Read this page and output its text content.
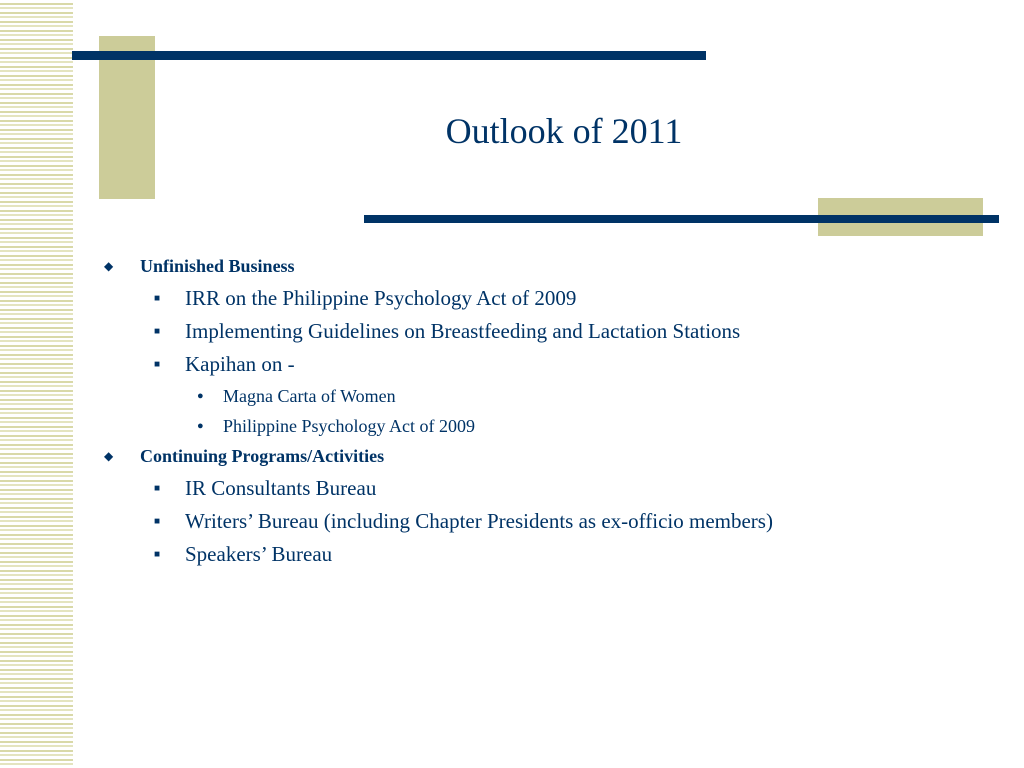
Outlook of 2011
◆ Unfinished Business
■ IRR on the Philippine Psychology Act of 2009
■ Implementing Guidelines on Breastfeeding and Lactation Stations
■ Kapihan on -
● Magna Carta of Women
● Philippine Psychology Act of 2009
◆ Continuing Programs/Activities
■ IR Consultants Bureau
■ Writers’ Bureau (including Chapter Presidents as ex-officio members)
■ Speakers’ Bureau
